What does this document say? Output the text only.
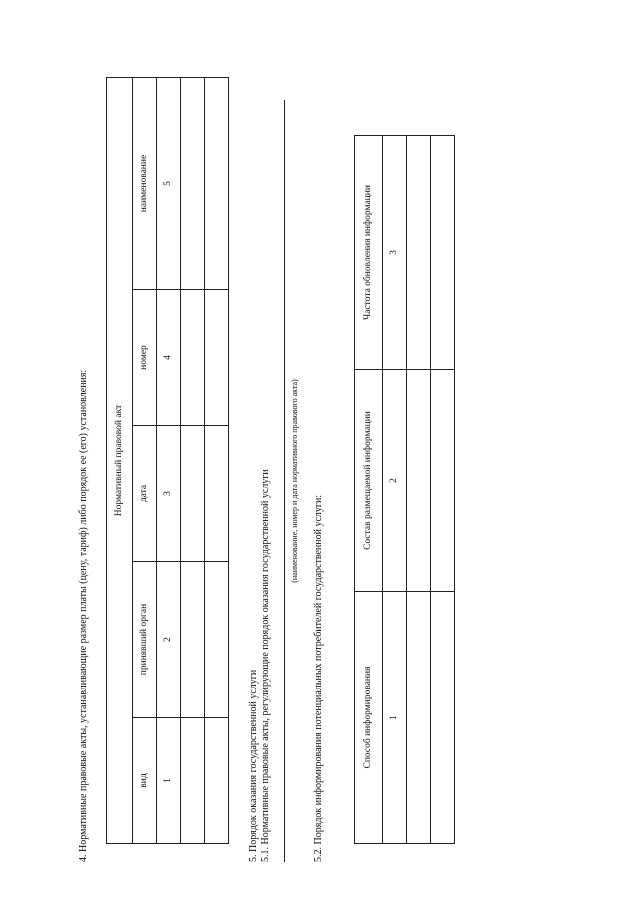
4. Нормативные правовые акты, устанавливающие размер платы (цену, тариф) либо порядок ее (его) установления:	Нормативный правовой акт				
вид	принявший орган	дата	номер	наименование
1	2	3	4	5

5. Порядок оказания государственной услуги 5.1. Нормативные правовые акты, регулирующие порядок оказания государственной услуги (наименование, номер и дата нормативного правового акта)
5.2. Порядок информирования потенциальных потребителей государственной услуги:	Способ информирования	Состав размещаемой информации	Частота обновления информации
1	2	3
